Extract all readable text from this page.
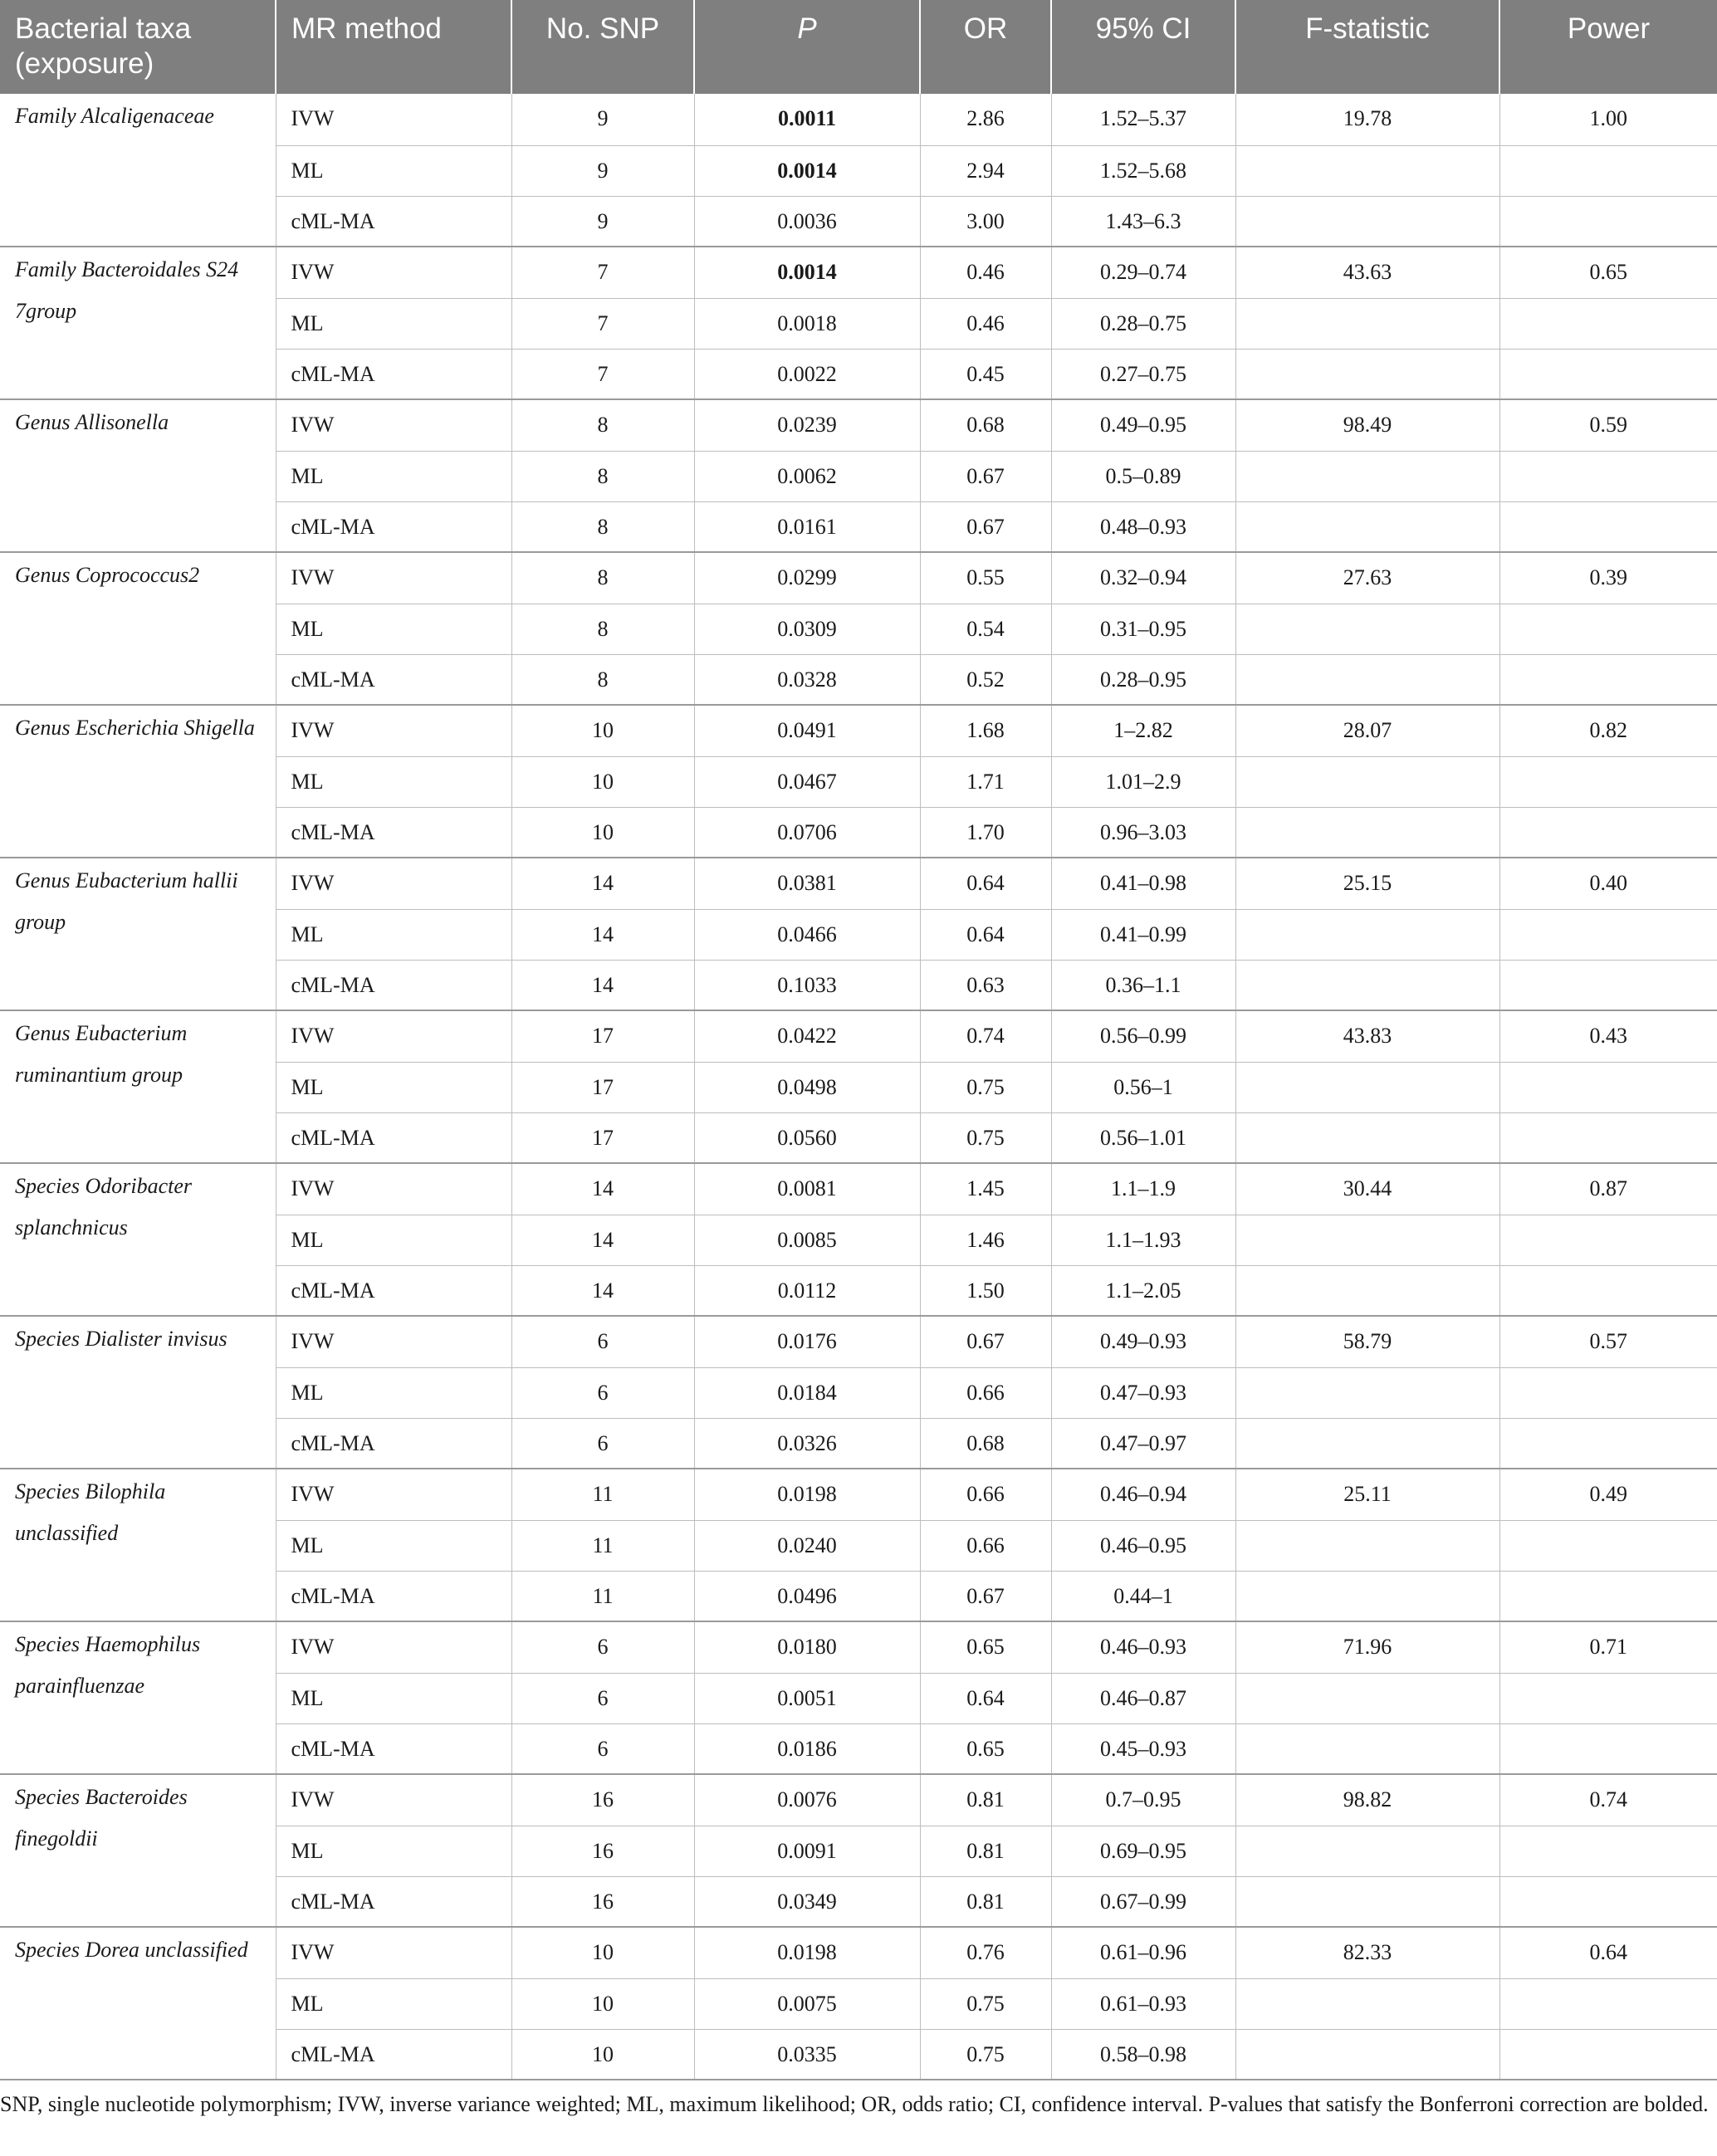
Bacterial taxa (exposure)	MR method	No. SNP	P	OR	95% CI	F-statistic	Power
Family Alcaligenaceae	IVW	9	0.0011	2.86	1.52–5.37	19.78	1.00
	ML	9	0.0014	2.94	1.52–5.68		
	cML-MA	9	0.0036	3.00	1.43–6.3		
Family Bacteroidales S24 7group	IVW	7	0.0014	0.46	0.29–0.74	43.63	0.65
	ML	7	0.0018	0.46	0.28–0.75		
	cML-MA	7	0.0022	0.45	0.27–0.75		
Genus Allisonella	IVW	8	0.0239	0.68	0.49–0.95	98.49	0.59
	ML	8	0.0062	0.67	0.5–0.89		
	cML-MA	8	0.0161	0.67	0.48–0.93		
Genus Coprococcus2	IVW	8	0.0299	0.55	0.32–0.94	27.63	0.39
	ML	8	0.0309	0.54	0.31–0.95		
	cML-MA	8	0.0328	0.52	0.28–0.95		
Genus Escherichia Shigella	IVW	10	0.0491	1.68	1–2.82	28.07	0.82
	ML	10	0.0467	1.71	1.01–2.9		
	cML-MA	10	0.0706	1.70	0.96–3.03		
Genus Eubacterium hallii group	IVW	14	0.0381	0.64	0.41–0.98	25.15	0.40
	ML	14	0.0466	0.64	0.41–0.99		
	cML-MA	14	0.1033	0.63	0.36–1.1		
Genus Eubacterium ruminantium group	IVW	17	0.0422	0.74	0.56–0.99	43.83	0.43
	ML	17	0.0498	0.75	0.56–1		
	cML-MA	17	0.0560	0.75	0.56–1.01		
Species Odoribacter splanchnicus	IVW	14	0.0081	1.45	1.1–1.9	30.44	0.87
	ML	14	0.0085	1.46	1.1–1.93		
	cML-MA	14	0.0112	1.50	1.1–2.05		
Species Dialister invisus	IVW	6	0.0176	0.67	0.49–0.93	58.79	0.57
	ML	6	0.0184	0.66	0.47–0.93		
	cML-MA	6	0.0326	0.68	0.47–0.97		
Species Bilophila unclassified	IVW	11	0.0198	0.66	0.46–0.94	25.11	0.49
	ML	11	0.0240	0.66	0.46–0.95		
	cML-MA	11	0.0496	0.67	0.44–1		
Species Haemophilus parainfluenzae	IVW	6	0.0180	0.65	0.46–0.93	71.96	0.71
	ML	6	0.0051	0.64	0.46–0.87		
	cML-MA	6	0.0186	0.65	0.45–0.93		
Species Bacteroides finegoldii	IVW	16	0.0076	0.81	0.7–0.95	98.82	0.74
	ML	16	0.0091	0.81	0.69–0.95		
	cML-MA	16	0.0349	0.81	0.67–0.99		
Species Dorea unclassified	IVW	10	0.0198	0.76	0.61–0.96	82.33	0.64
	ML	10	0.0075	0.75	0.61–0.93		
	cML-MA	10	0.0335	0.75	0.58–0.98		
SNP, single nucleotide polymorphism; IVW, inverse variance weighted; ML, maximum likelihood; OR, odds ratio; CI, confidence interval. P-values that satisfy the Bonferroni correction are bolded.
